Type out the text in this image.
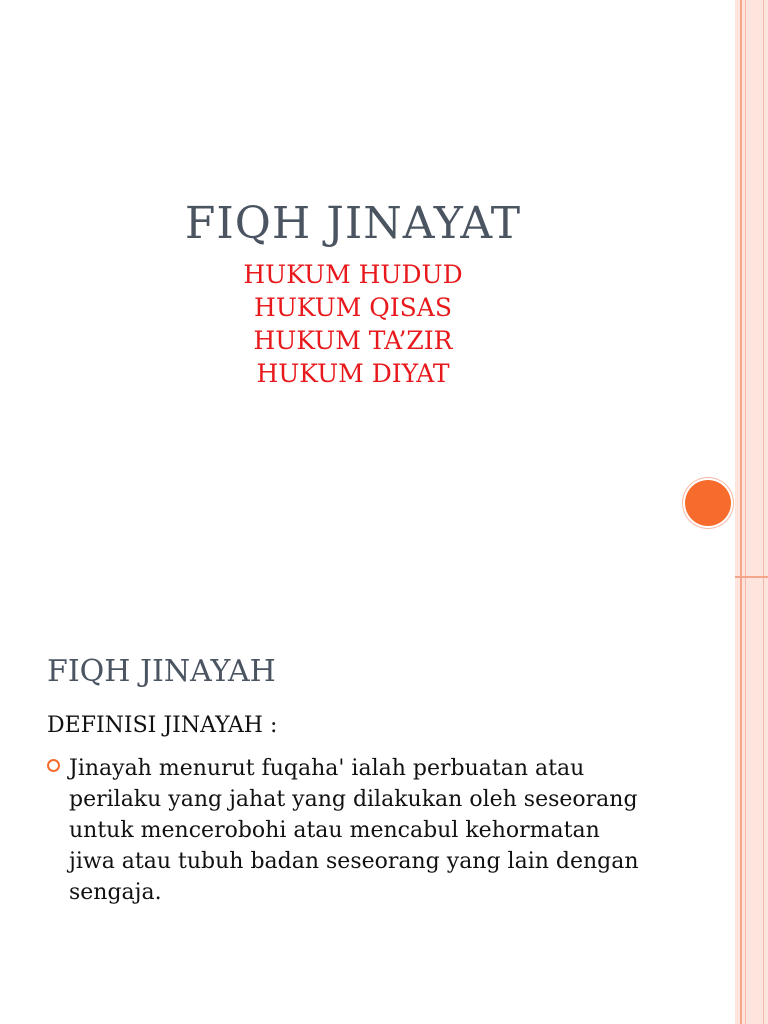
FIQH JINAYAT
HUKUM HUDUD
HUKUM QISAS
HUKUM TA’ZIR
HUKUM DIYAT
FIQH JINAYAH

DEFINISI JINAYAH :

Jinayah menurut fuqaha' ialah perbuatan atau perilaku yang jahat yang dilakukan oleh seseorang untuk mencerobohi atau mencabul kehormatan jiwa atau tubuh badan seseorang yang lain dengan sengaja.
